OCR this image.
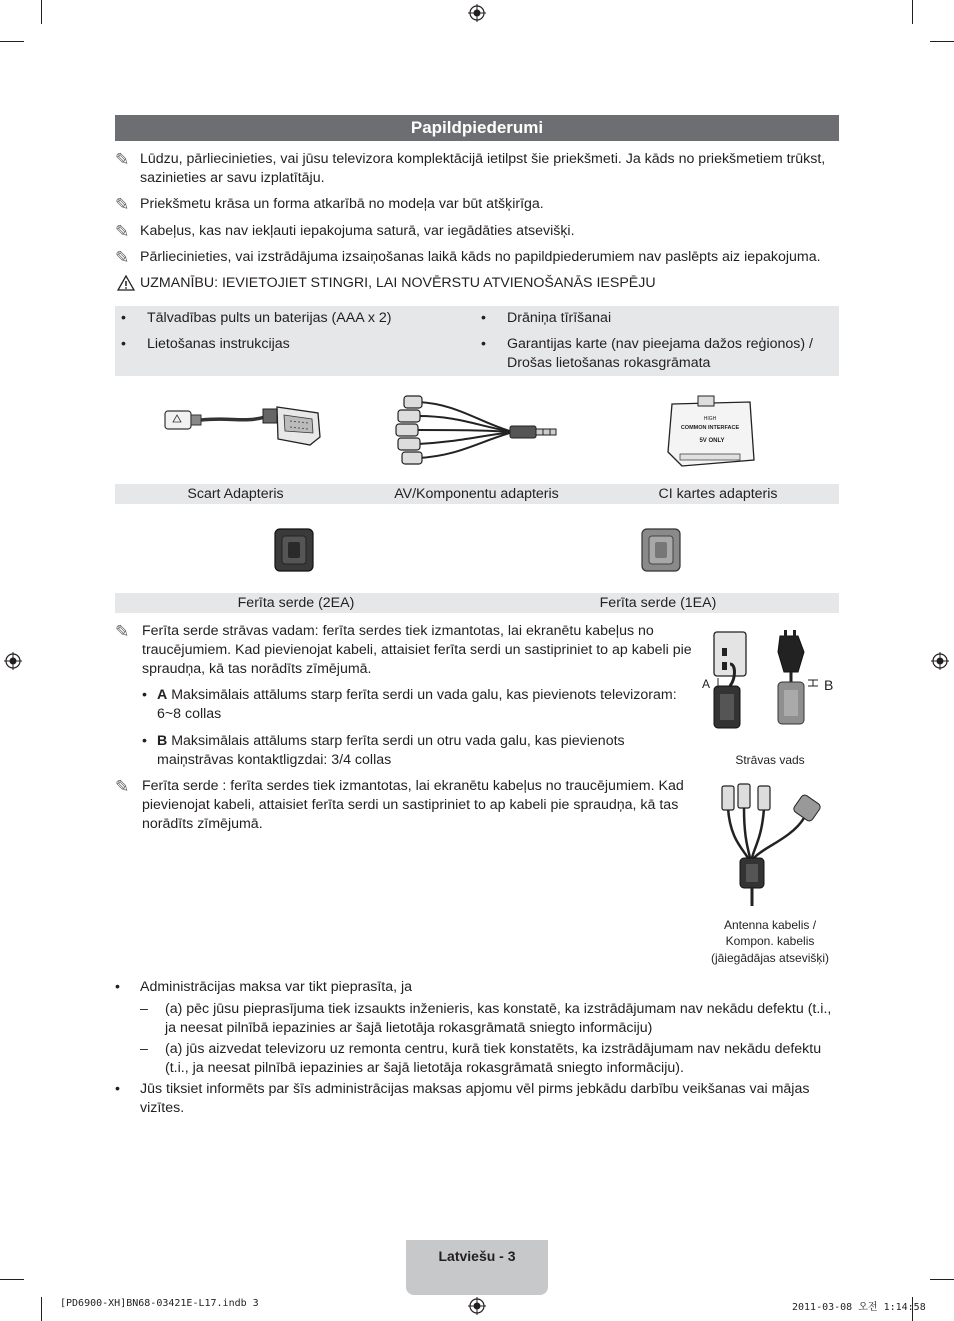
Papildpiederumi
✎ Lūdzu, pārliecinieties, vai jūsu televizora komplektācijā ietilpst šie priekšmeti. Ja kāds no priekšmetiem trūkst, sazinieties ar savu izplatītāju.
✎ Priekšmetu krāsa un forma atkarībā no modeļa var būt atšķirīga.
✎ Kabeļus, kas nav iekļauti iepakojuma saturā, var iegādāties atsevišķi.
✎ Pārliecinieties, vai izstrādājuma izsaiņošanas laikā kāds no papildpiederumiem nav paslēpts aiz iepakojuma.
UZMANĪBU: IEVIETOJIET STINGRI, LAI NOVĒRSTU ATVIENOŠANĀS IESPĒJU
•	Tālvadības pults un baterijas (AAA x 2)
•	Lietošanas instrukcijas
•	Drāniņa tīrīšanai
•	Garantijas karte (nav pieejama dažos reģionos) / Drošas lietošanas rokasgrāmata
HIGH
COMMON INTERFACE
5V ONLY
Scart Adapteris	AV/Komponentu adapteris	CI kartes adapteris
Ferīta serde (2EA)	Ferīta serde (1EA)
✎ Ferīta serde strāvas vadam: ferīta serdes tiek izmantotas, lai ekranētu kabeļus no traucējumiem. Kad pievienojat kabeli, attaisiet ferīta serdi un sastipriniet to ap kabeli pie spraudņa, kā tas norādīts zīmējumā.
• A Maksimālais attālums starp ferīta serdi un vada galu, kas pievienots televizoram: 6~8 collas
• B Maksimālais attālums starp ferīta serdi un otru vada galu, kas pievienots maiņstrāvas kontaktligzdai: 3/4 collas
✎ Ferīta serde : ferīta serdes tiek izmantotas, lai ekranētu kabeļus no traucējumiem. Kad pievienojat kabeli, attaisiet ferīta serdi un sastipriniet to ap kabeli pie spraudņa, kā tas norādīts zīmējumā.
A	B
Strāvas vads
Antenna kabelis /
Kompon. kabelis
(jāiegādājas atsevišķi)
•	Administrācijas maksa var tikt pieprasīta, ja
–	(a) pēc jūsu pieprasījuma tiek izsaukts inženieris, kas konstatē, ka izstrādājumam nav nekādu defektu (t.i., ja neesat pilnībā iepazinies ar šajā lietotāja rokasgrāmatā sniegto informāciju)
–	(a) jūs aizvedat televizoru uz remonta centru, kurā tiek konstatēts, ka izstrādājumam nav nekādu defektu (t.i., ja neesat pilnībā iepazinies ar šajā lietotāja rokasgrāmatā sniegto informāciju).
•	Jūs tiksiet informēts par šīs administrācijas maksas apjomu vēl pirms jebkādu darbību veikšanas vai mājas vizītes.
Latviešu - 3
[PD6900-XH]BN68-03421E-L17.indb 3	2011-03-08 오전 1:14:58
